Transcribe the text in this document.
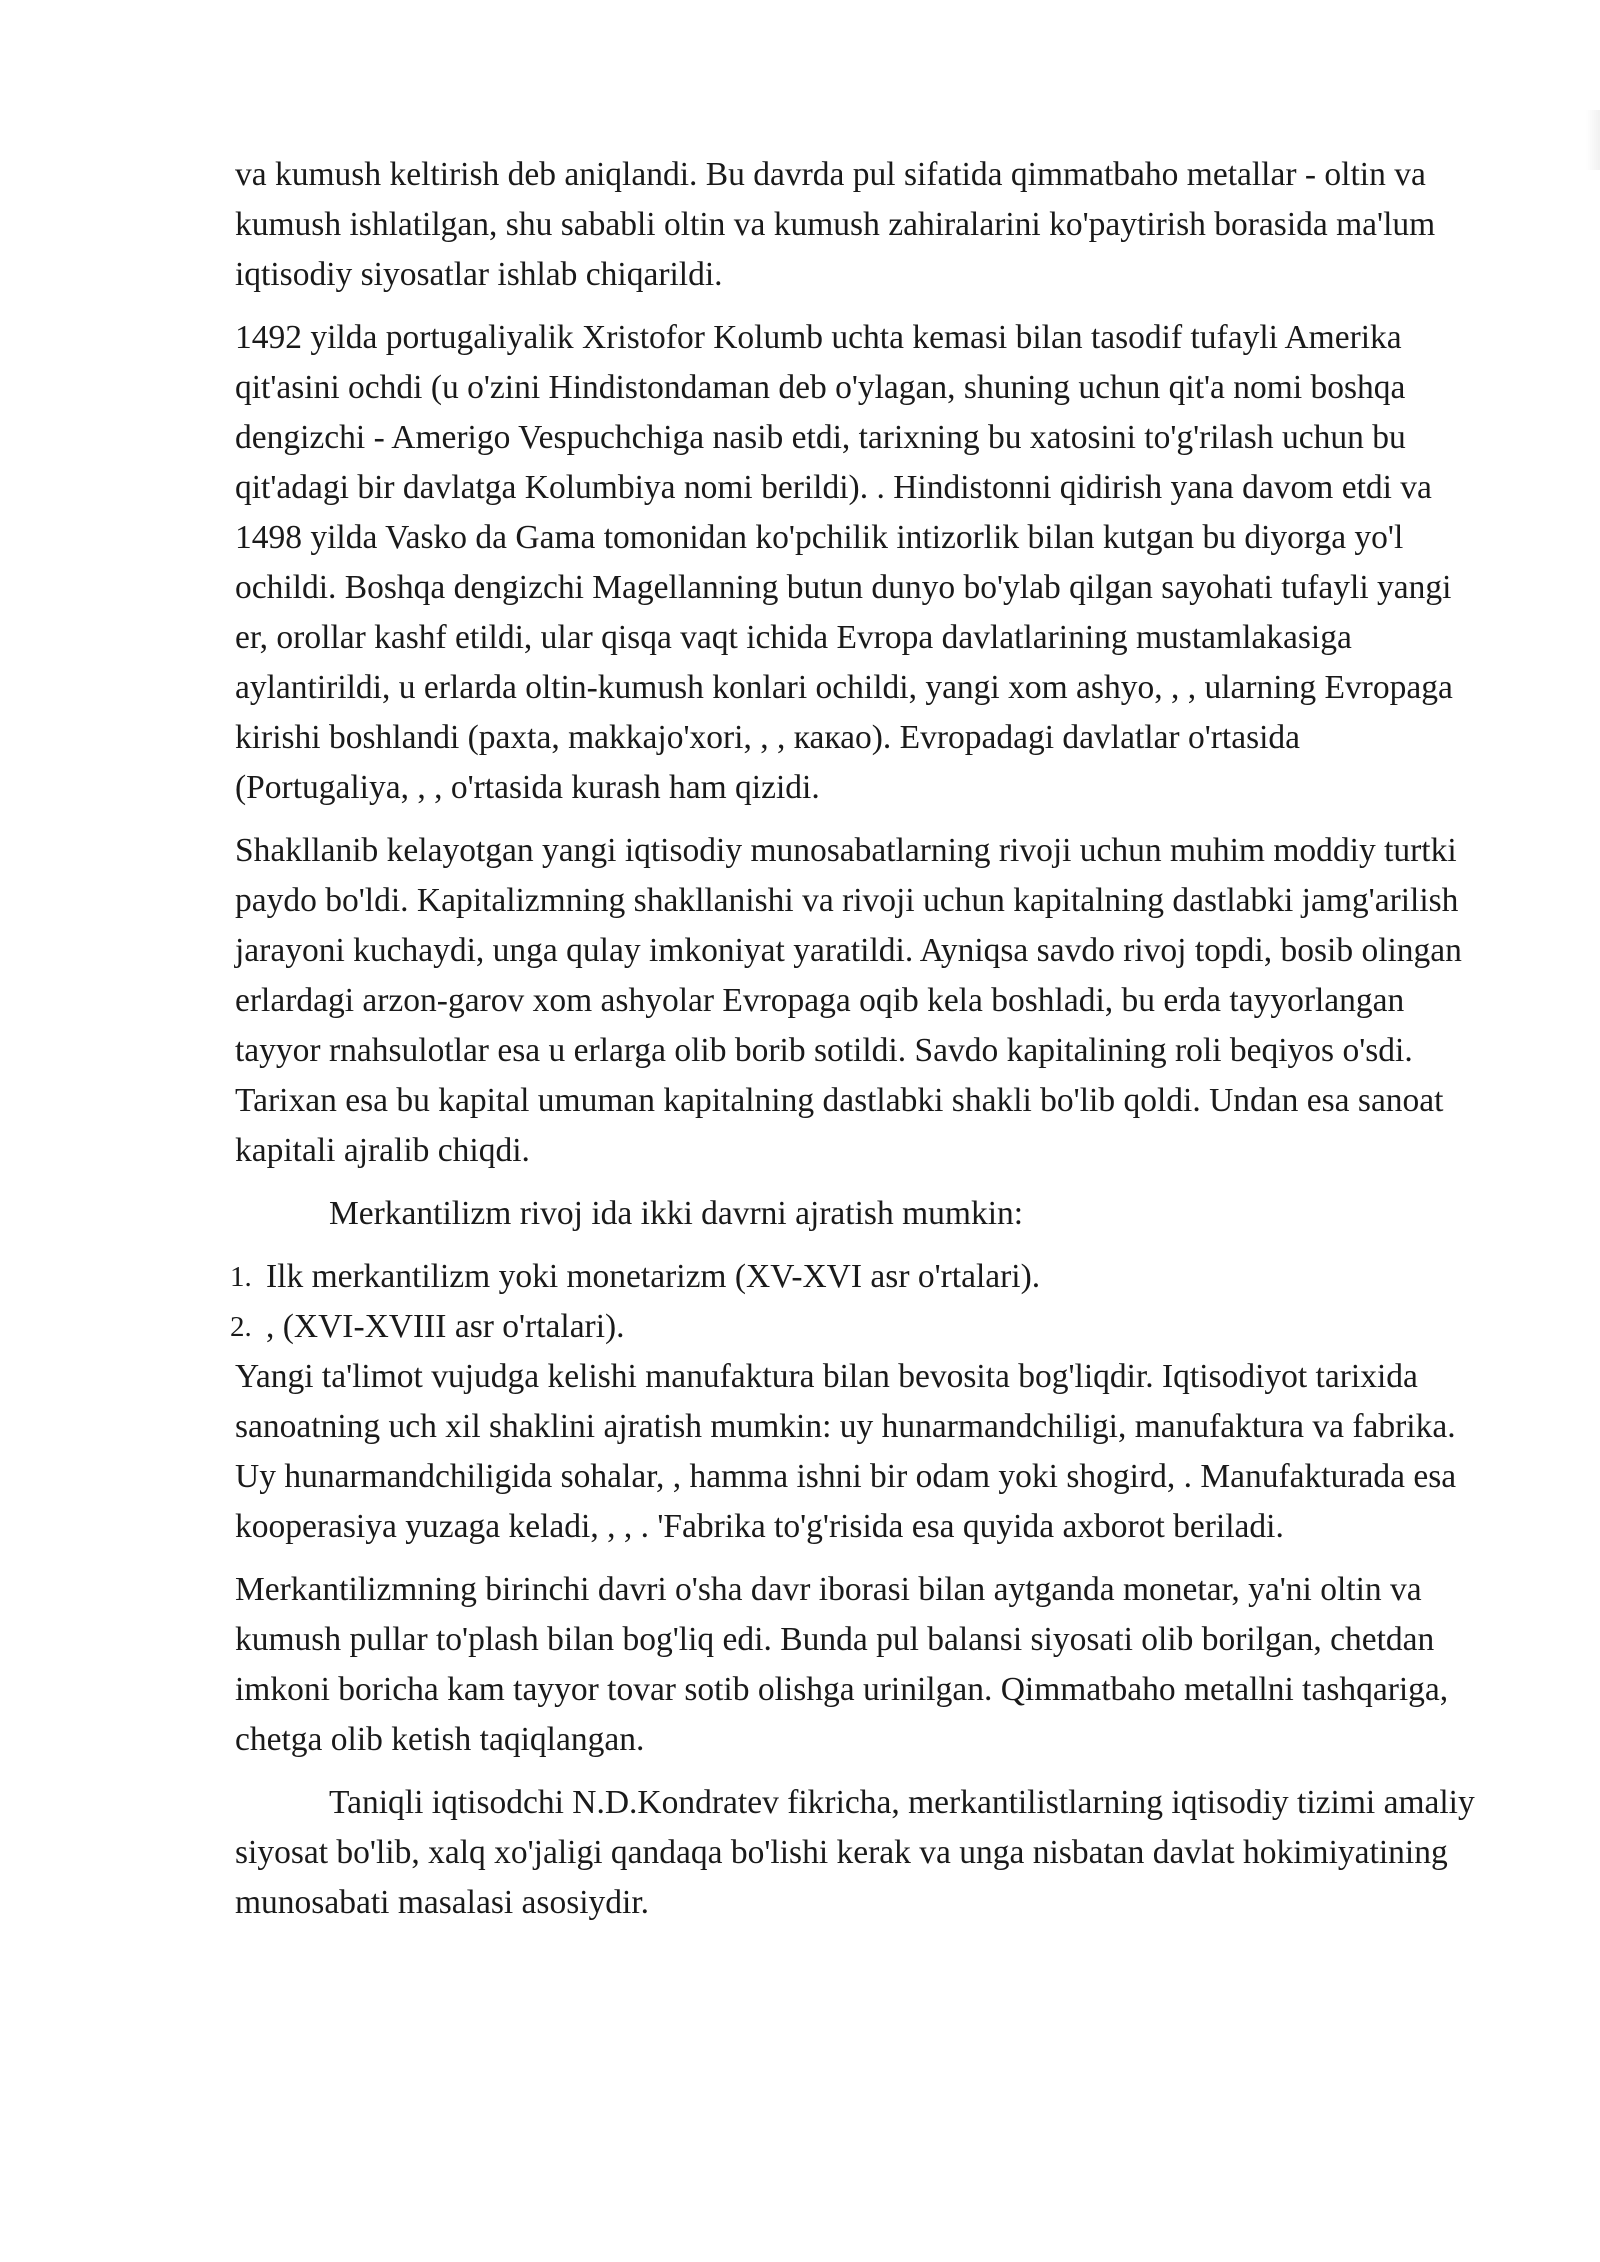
va kumush keltirish deb aniqlandi. Bu davrda pul sifatida qimmatbaho metallar - oltin va kumush ishlatilgan, shu sababli oltin va kumush zahiralarini ko'paytirish borasida ma'lum iqtisodiy siyosatlar ishlab chiqarildi.

1492 yilda portugaliyalik Xristofor Kolumb uchta kemasi bilan tasodif tufayli Amerika qit'asini ochdi (u o'zini Hindistondaman deb o'ylagan, shuning uchun qit'a nomi boshqa dengizchi - Amerigo Vespuchchiga nasib etdi, tarixning bu xatosini to'g'rilash uchun bu qit'adagi bir davlatga Kolumbiya nomi berildi). . Hindistonni qidirish yana davom etdi va 1498 yilda Vasko da Gama tomonidan ko'pchilik intizorlik bilan kutgan bu diyorga yo'l ochildi. Boshqa dengizchi Magellanning butun dunyo bo'ylab qilgan sayohati tufayli yangi er, orollar kashf etildi, ular qisqa vaqt ichida Evropa davlatlarining mustamlakasiga aylantirildi, u erlarda oltin-kumush konlari ochildi, yangi xom ashyo, , , ularning Evropaga kirishi boshlandi (paxta, makkajo'xori, , , какао). Evropadagi davlatlar o'rtasida (Portugaliya, , , o'rtasida kurash ham qizidi.

Shakllanib kelayotgan yangi iqtisodiy munosabatlarning rivoji uchun muhim moddiy turtki paydo bo'ldi. Kapitalizmning shakllanishi va rivoji uchun kapitalning dastlabki jamg'arilish jarayoni kuchaydi, unga qulay imkoniyat yaratildi. Ayniqsa savdo rivoj topdi, bosib olingan erlardagi arzon-garov xom ashyolar Evropaga oqib kela boshladi, bu erda tayyorlangan tayyor rnahsulotlar esa u erlarga olib borib sotildi. Savdo kapitalining roli beqiyos o'sdi. Tarixan esa bu kapital umuman kapitalning dastlabki shakli bo'lib qoldi. Undan esa sanoat kapitali ajralib chiqdi.

Merkantilizm rivoj ida ikki davrni ajratish mumkin:

1. Ilk merkantilizm yoki monetarizm (XV-XVI asr o'rtalari).
2. , (XVI-XVIII asr o'rtalari).

Yangi ta'limot vujudga kelishi manufaktura bilan bevosita bog'liqdir. Iqtisodiyot tarixida sanoatning uch xil shaklini ajratish mumkin: uy hunarmandchiligi, manufaktura va fabrika. Uy hunarmandchiligida sohalar, , hamma ishni bir odam yoki shogird, . Manufakturada esa kooperasiya yuzaga keladi, , , . 'Fabrika to'g'risida esa quyida axborot beriladi.

Merkantilizmning birinchi davri o'sha davr iborasi bilan aytganda monetar, ya'ni oltin va kumush pullar to'plash bilan bog'liq edi. Bunda pul balansi siyosati olib borilgan, chetdan imkoni boricha kam tayyor tovar sotib olishga urinilgan. Qimmatbaho metallni tashqariga, chetga olib ketish taqiqlangan.

Taniqli iqtisodchi N.D.Kondratev fikricha, merkantilistlarning iqtisodiy tizimi amaliy siyosat bo'lib, xalq xo'jaligi qandaqa bo'lishi kerak va unga nisbatan davlat hokimiyatining munosabati masalasi asosiydir.
